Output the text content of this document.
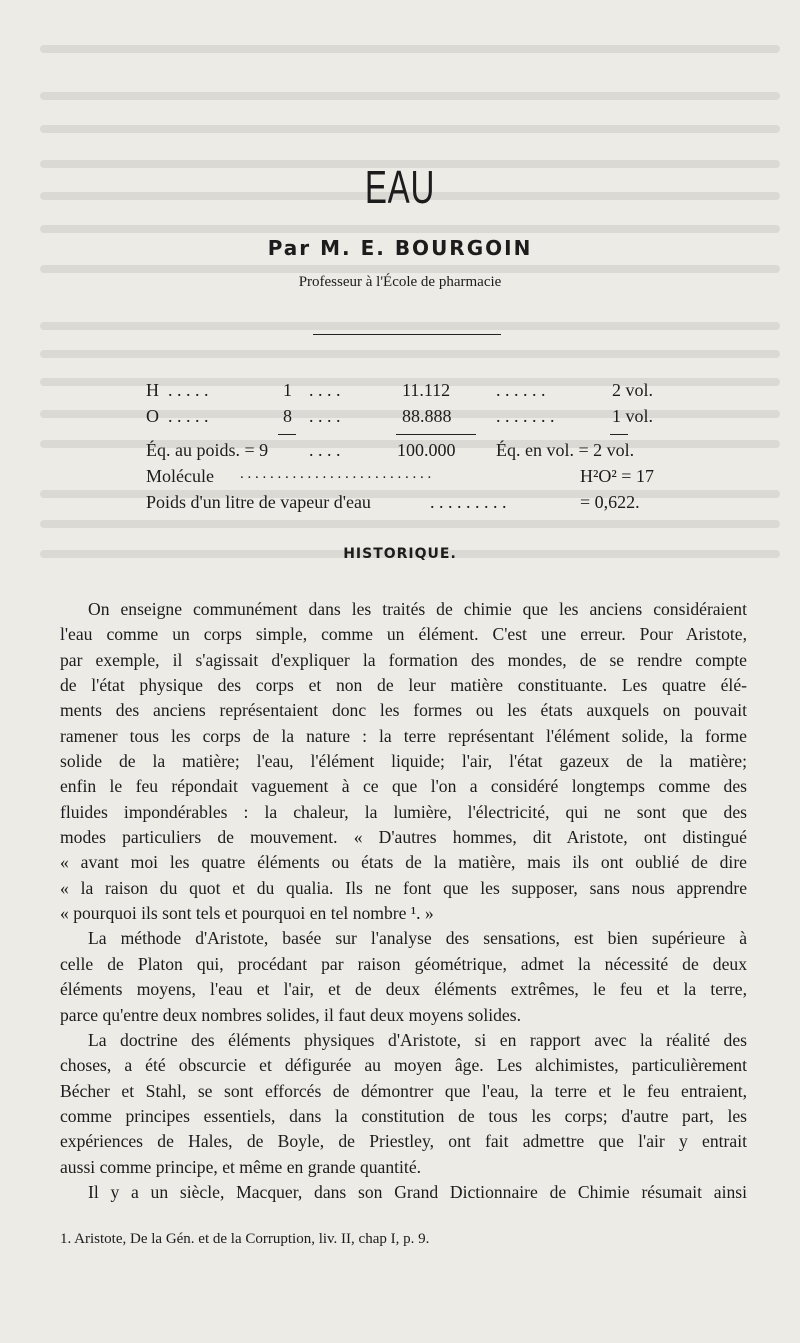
EAU
Par M. E. BOURGOIN
Professeur à l'École de pharmacie
H . . . . .	1 . . . .	11.112	. . . . . .	2 vol.
O . . . . .	8 . . . .	88.888 . . . . . . .	1 vol.
Éq. au poids. = 9 . . . .	100.000 Éq. en vol. = 2 vol.
Molécule . . . . . . . . . . . . . . . . . . . . . . . . . .	H²O² = 17
Poids d'un litre de vapeur d'eau	. . . . . . . . .	= 0,622.
HISTORIQUE.
On enseigne communément dans les traités de chimie que les anciens considéraient
l'eau comme un corps simple, comme un élément. C'est une erreur. Pour Aristote,
par exemple, il s'agissait d'expliquer la formation des mondes, de se rendre compte
de l'état physique des corps et non de leur matière constituante. Les quatre élé-
ments des anciens représentaient donc les formes ou les états auxquels on pouvait
ramener tous les corps de la nature : la terre représentant l'élément solide, la forme
solide de la matière; l'eau, l'élément liquide; l'air, l'état gazeux de la matière;
enfin le feu répondait vaguement à ce que l'on a considéré longtemps comme des
fluides impondérables : la chaleur, la lumière, l'électricité, qui ne sont que des
modes particuliers de mouvement. « D'autres hommes, dit Aristote, ont distingué
« avant moi les quatre éléments ou états de la matière, mais ils ont oublié de dire
« la raison du quot et du qualia. Ils ne font que les supposer, sans nous apprendre
« pourquoi ils sont tels et pourquoi en tel nombre ¹. »
La méthode d'Aristote, basée sur l'analyse des sensations, est bien supérieure à
celle de Platon qui, procédant par raison géométrique, admet la nécessité de deux
éléments moyens, l'eau et l'air, et de deux éléments extrêmes, le feu et la terre,
parce qu'entre deux nombres solides, il faut deux moyens solides.
La doctrine des éléments physiques d'Aristote, si en rapport avec la réalité des
choses, a été obscurcie et défigurée au moyen âge. Les alchimistes, particulièrement
Bécher et Stahl, se sont efforcés de démontrer que l'eau, la terre et le feu entraient,
comme principes essentiels, dans la constitution de tous les corps; d'autre part, les
expériences de Hales, de Boyle, de Priestley, ont fait admettre que l'air y entrait
aussi comme principe, et même en grande quantité.
Il y a un siècle, Macquer, dans son Grand Dictionnaire de Chimie résumait ainsi
1. Aristote, De la Gén. et de la Corruption, liv. II, chap I, p. 9.
